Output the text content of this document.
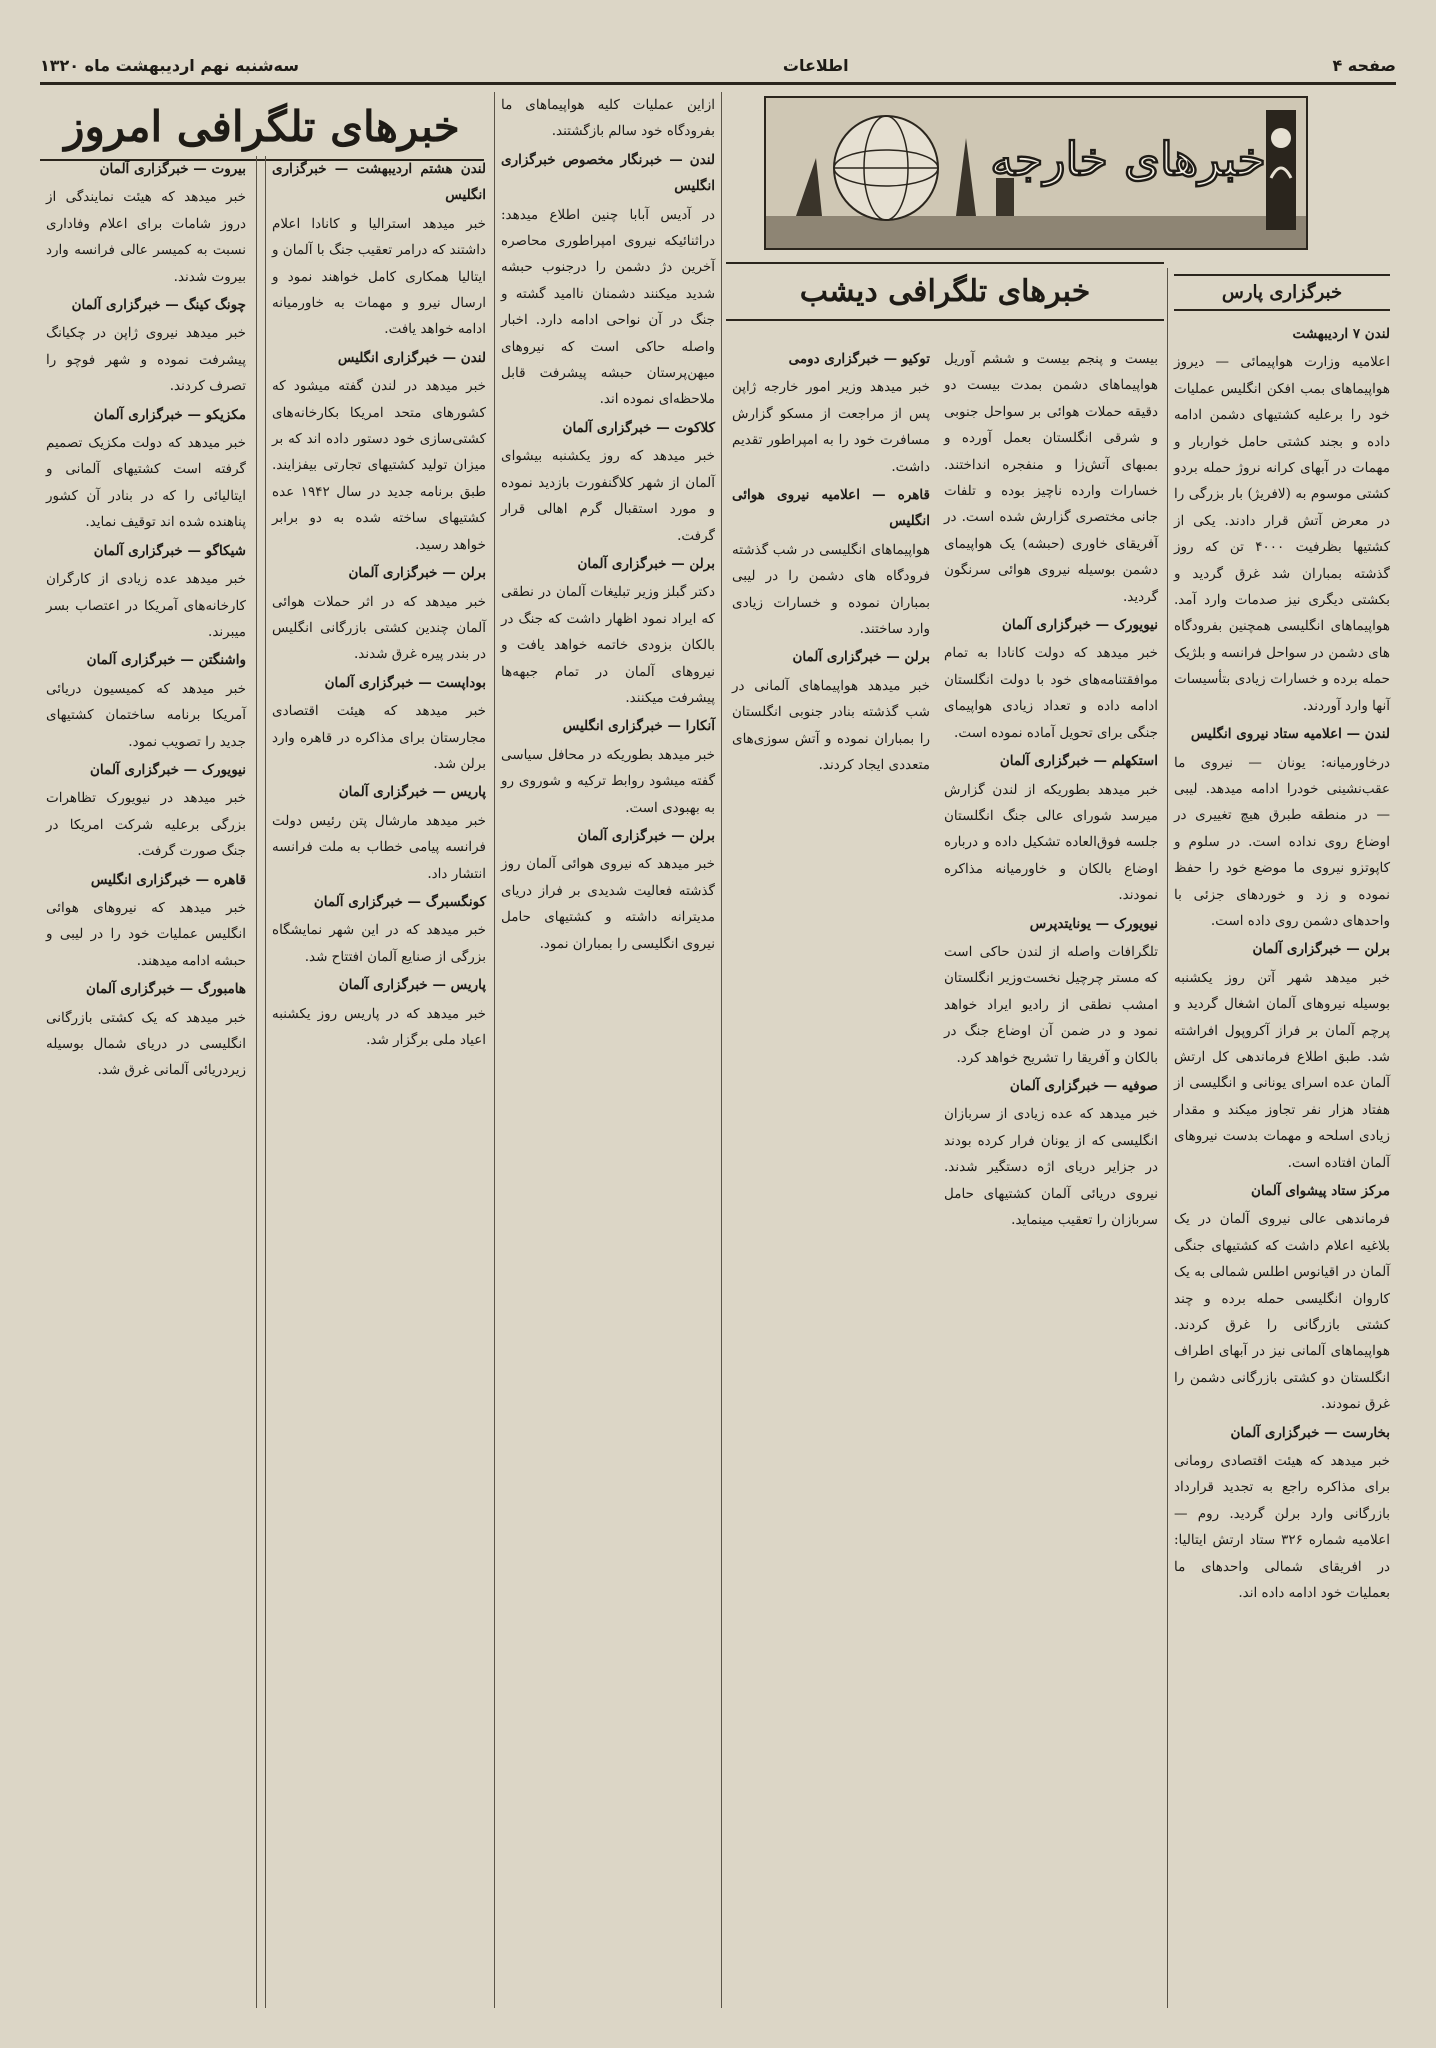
صفحه ۴
اطلاعات
سه‌شنبه نهم اردیبهشت ماه ۱۳۲۰
خبرهای خارجه
خبرگزاری پارس

لندن ۷ اردیبهشت

اعلامیه وزارت هواپیمائی — دیروز هواپیماهای بمب افکن انگلیس عملیات خود را برعلیه کشتیهای دشمن ادامه داده و بجند کشتی حامل خواربار و مهمات در آبهای کرانه نروژ حمله بردو کشتی موسوم به (لافریژ) بار بزرگی را در معرض آتش قرار دادند. یکی از کشتیها بظرفیت ۴۰۰۰ تن که روز گذشته بمباران شد غرق گردید و بکشتی دیگری نیز صدمات وارد آمد. هواپیماهای انگلیسی همچنین بفرودگاه های دشمن در سواحل فرانسه و بلژیک حمله برده و خسارات زیادی بتأسیسات آنها وارد آوردند.

لندن — اعلامیه ستاد نیروی انگلیس

درخاورمیانه: یونان — نیروی ما عقب‌نشینی خودرا ادامه میدهد. لیبی — در منطقه طبرق هیچ تغییری در اوضاع روی نداده است. در سلوم و کاپوتزو نیروی ما موضع خود را حفظ نموده و زد و خوردهای جزئی با واحدهای دشمن روی داده است.

برلن — خبرگزاری آلمان

خبر میدهد شهر آتن روز یکشنبه بوسیله نیروهای آلمان اشغال گردید و پرچم آلمان بر فراز آکروپول افراشته شد. طبق اطلاع فرماندهی کل ارتش آلمان عده اسرای یونانی و انگلیسی از هفتاد هزار نفر تجاوز میکند و مقدار زیادی اسلحه و مهمات بدست نیروهای آلمان افتاده است.

مرکز ستاد پیشوای آلمان

فرماندهی عالی نیروی آلمان در یک بلاغیه اعلام داشت که کشتیهای جنگی آلمان در اقیانوس اطلس شمالی به یک کاروان انگلیسی حمله برده و چند کشتی بازرگانی را غرق کردند. هواپیماهای آلمانی نیز در آبهای اطراف انگلستان دو کشتی بازرگانی دشمن را غرق نمودند.

بخارست — خبرگزاری آلمان

خبر میدهد که هیئت اقتصادی رومانی برای مذاکره راجع به تجدید قرارداد بازرگانی وارد برلن گردید. روم — اعلامیه شماره ۳۲۶ ستاد ارتش ایتالیا: در افریقای شمالی واحدهای ما بعملیات خود ادامه داده اند.

بیست و پنجم بیست و ششم آوریل هواپیماهای دشمن بمدت بیست دو دقیقه حملات هوائی بر سواحل جنوبی و شرقی انگلستان بعمل آورده و بمبهای آتش‌زا و منفجره انداختند. خسارات وارده ناچیز بوده و تلفات جانی مختصری گزارش شده است. در آفریقای خاوری (حبشه) یک هواپیمای دشمن بوسیله نیروی هوائی سرنگون گردید.

نیویورک — خبرگزاری آلمان

خبر میدهد که دولت کانادا به تمام موافقتنامه‌های خود با دولت انگلستان ادامه داده و تعداد زیادی هواپیمای جنگی برای تحویل آماده نموده است.

استکهلم — خبرگزاری آلمان

خبر میدهد بطوریکه از لندن گزارش میرسد شورای عالی جنگ انگلستان جلسه فوق‌العاده تشکیل داده و درباره اوضاع بالکان و خاورمیانه مذاکره نمودند.

نیویورک — یونایتدپرس

تلگرافات واصله از لندن حاکی است که مستر چرچیل نخست‌وزیر انگلستان امشب نطقی از رادیو ایراد خواهد نمود و در ضمن آن اوضاع جنگ در بالکان و آفریقا را تشریح خواهد کرد.

صوفیه — خبرگزاری آلمان

خبر میدهد که عده زیادی از سربازان انگلیسی که از یونان فرار کرده بودند در جزایر دریای اژه دستگیر شدند. نیروی دریائی آلمان کشتیهای حامل سربازان را تعقیب مینماید.

توکیو — خبرگزاری دومی

خبر میدهد وزیر امور خارجه ژاپن پس از مراجعت از مسکو گزارش مسافرت خود را به امپراطور تقدیم داشت.

قاهره — اعلامیه نیروی هوائی انگلیس

هواپیماهای انگلیسی در شب گذشته فرودگاه های دشمن را در لیبی بمباران نموده و خسارات زیادی وارد ساختند.

برلن — خبرگزاری آلمان

خبر میدهد هواپیماهای آلمانی در شب گذشته بنادر جنوبی انگلستان را بمباران نموده و آتش سوزی‌های متعددی ایجاد کردند.

خبرهای تلگرافی دیشب

ازاین عملیات کلیه هواپیماهای ما بفرودگاه خود سالم بازگشتند.

لندن — خبرنگار مخصوص خبرگزاری انگلیس

در آدیس آبابا چنین اطلاع میدهد: دراثنائیکه نیروی امپراطوری محاصره آخرین دژ دشمن را درجنوب حبشه شدید میکنند دشمنان ناامید گشته و جنگ در آن نواحی ادامه دارد. اخبار واصله حاکی است که نیروهای میهن‌پرستان حبشه پیشرفت قابل ملاحظه‌ای نموده اند.

کلاکوت — خبرگزاری آلمان

خبر میدهد که روز یکشنبه بیشوای آلمان از شهر کلاگنفورت بازدید نموده و مورد استقبال گرم اهالی قرار گرفت.

برلن — خبرگزاری آلمان

دکتر گبلز وزیر تبلیغات آلمان در نطقی که ایراد نمود اظهار داشت که جنگ در بالکان بزودی خاتمه خواهد یافت و نیروهای آلمان در تمام جبهه‌ها پیشرفت میکنند.

آنکارا — خبرگزاری انگلیس

خبر میدهد بطوریکه در محافل سیاسی گفته میشود روابط ترکیه و شوروی رو به بهبودی است.

برلن — خبرگزاری آلمان

خبر میدهد که نیروی هوائی آلمان روز گذشته فعالیت شدیدی بر فراز دریای مدیترانه داشته و کشتیهای حامل نیروی انگلیسی را بمباران نمود.

خبرهای تلگرافی امروز

لندن هشتم اردیبهشت — خبرگزاری انگلیس

خبر میدهد استرالیا و کانادا اعلام داشتند که درامر تعقیب جنگ با آلمان و ایتالیا همکاری کامل خواهند نمود و ارسال نیرو و مهمات به خاورمیانه ادامه خواهد یافت.

لندن — خبرگزاری انگلیس

خبر میدهد در لندن گفته میشود که کشورهای متحد امریکا بکارخانه‌های کشتی‌سازی خود دستور داده اند که بر میزان تولید کشتیهای تجارتی بیفزایند. طبق برنامه جدید در سال ۱۹۴۲ عده کشتیهای ساخته شده به دو برابر خواهد رسید.

برلن — خبرگزاری آلمان

خبر میدهد که در اثر حملات هوائی آلمان چندین کشتی بازرگانی انگلیس در بندر پیره غرق شدند.

بوداپست — خبرگزاری آلمان

خبر میدهد که هیئت اقتصادی مجارستان برای مذاکره در قاهره وارد برلن شد.

پاریس — خبرگزاری آلمان

خبر میدهد مارشال پتن رئیس دولت فرانسه پیامی خطاب به ملت فرانسه انتشار داد.

کونگسبرگ — خبرگزاری آلمان

خبر میدهد که در این شهر نمایشگاه بزرگی از صنایع آلمان افتتاح شد.

پاریس — خبرگزاری آلمان

خبر میدهد که در پاریس روز یکشنبه اعیاد ملی برگزار شد.

بیروت — خبرگزاری آلمان

خبر میدهد که هیئت نمایندگی از دروز شامات برای اعلام وفاداری نسبت به کمیسر عالی فرانسه وارد بیروت شدند.

چونگ کینگ — خبرگزاری آلمان

خبر میدهد نیروی ژاپن در چکیانگ پیشرفت نموده و شهر فوچو را تصرف کردند.

مکزیکو — خبرگزاری آلمان

خبر میدهد که دولت مکزیک تصمیم گرفته است کشتیهای آلمانی و ایتالیائی را که در بنادر آن کشور پناهنده شده اند توقیف نماید.

شیکاگو — خبرگزاری آلمان

خبر میدهد عده زیادی از کارگران کارخانه‌های آمریکا در اعتصاب بسر میبرند.

واشنگتن — خبرگزاری آلمان

خبر میدهد که کمیسیون دریائی آمریکا برنامه ساختمان کشتیهای جدید را تصویب نمود.

نیویورک — خبرگزاری آلمان

خبر میدهد در نیویورک تظاهرات بزرگی برعلیه شرکت امریکا در جنگ صورت گرفت.

قاهره — خبرگزاری انگلیس

خبر میدهد که نیروهای هوائی انگلیس عملیات خود را در لیبی و حبشه ادامه میدهند.

هامبورگ — خبرگزاری آلمان

خبر میدهد که یک کشتی بازرگانی انگلیسی در دریای شمال بوسیله زیردریائی آلمانی غرق شد.
